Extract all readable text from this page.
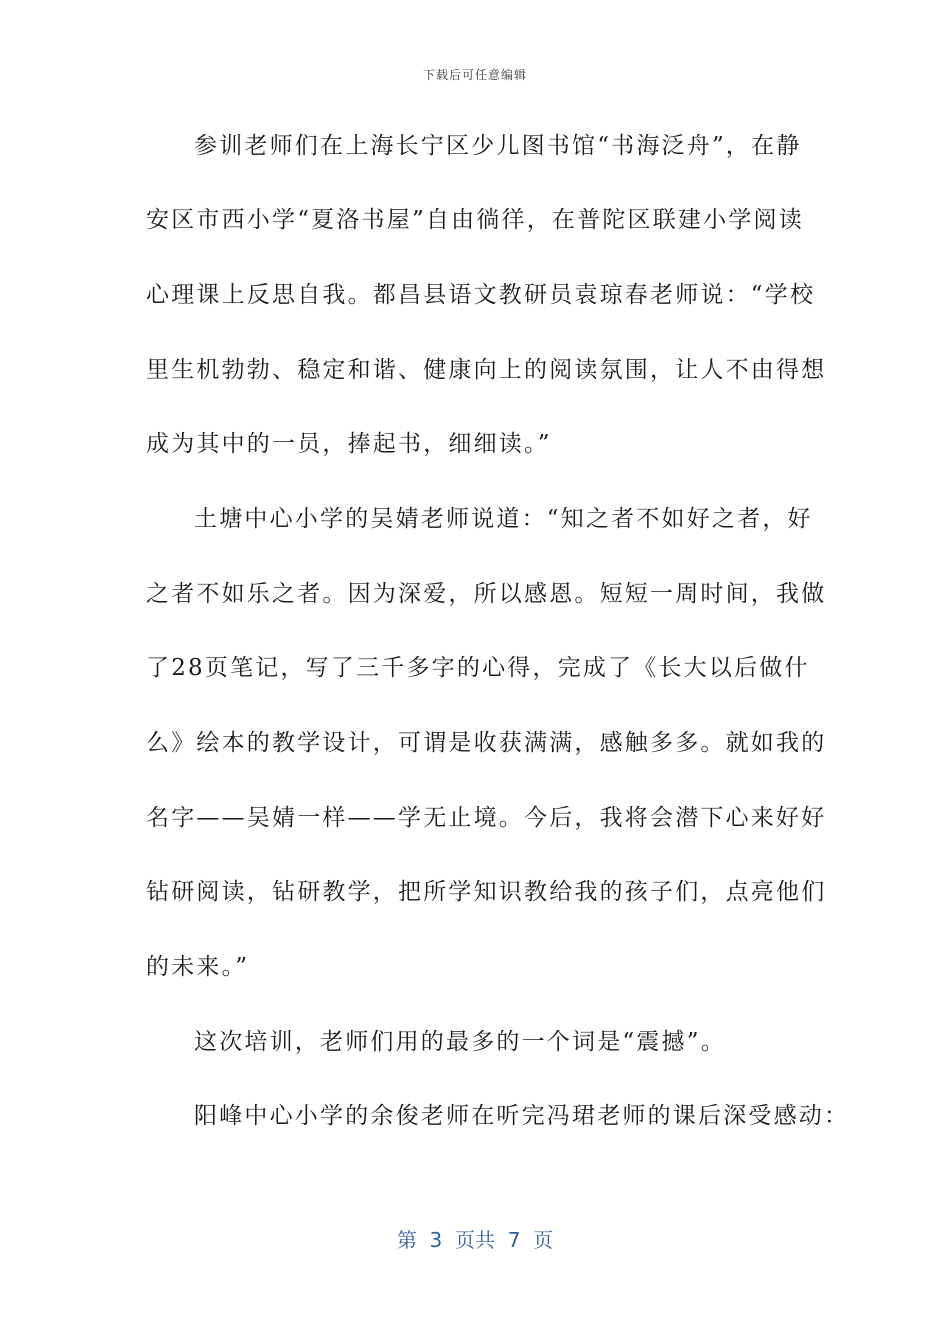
下载后可任意编辑
参训老师们在上海长宁区少儿图书馆“书海泛舟”，在静
安区市西小学“夏洛书屋”自由徜徉，在普陀区联建小学阅读
心理课上反思自我。都昌县语文教研员袁琼春老师说：“学校
里生机勃勃、稳定和谐、健康向上的阅读氛围，让人不由得想
成为其中的一员，捧起书，细细读。”
土塘中心小学的吴婧老师说道：“知之者不如好之者，好
之者不如乐之者。因为深爱，所以感恩。短短一周时间，我做
了28页笔记，写了三千多字的心得，完成了《长大以后做什
么》绘本的教学设计，可谓是收获满满，感触多多。就如我的
名字——吴婧一样——学无止境。今后，我将会潜下心来好好
钻研阅读，钻研教学，把所学知识教给我的孩子们，点亮他们
的未来。”
这次培训，老师们用的最多的一个词是“震撼”。
阳峰中心小学的余俊老师在听完冯珺老师的课后深受感动：
第  3  页共  7  页
